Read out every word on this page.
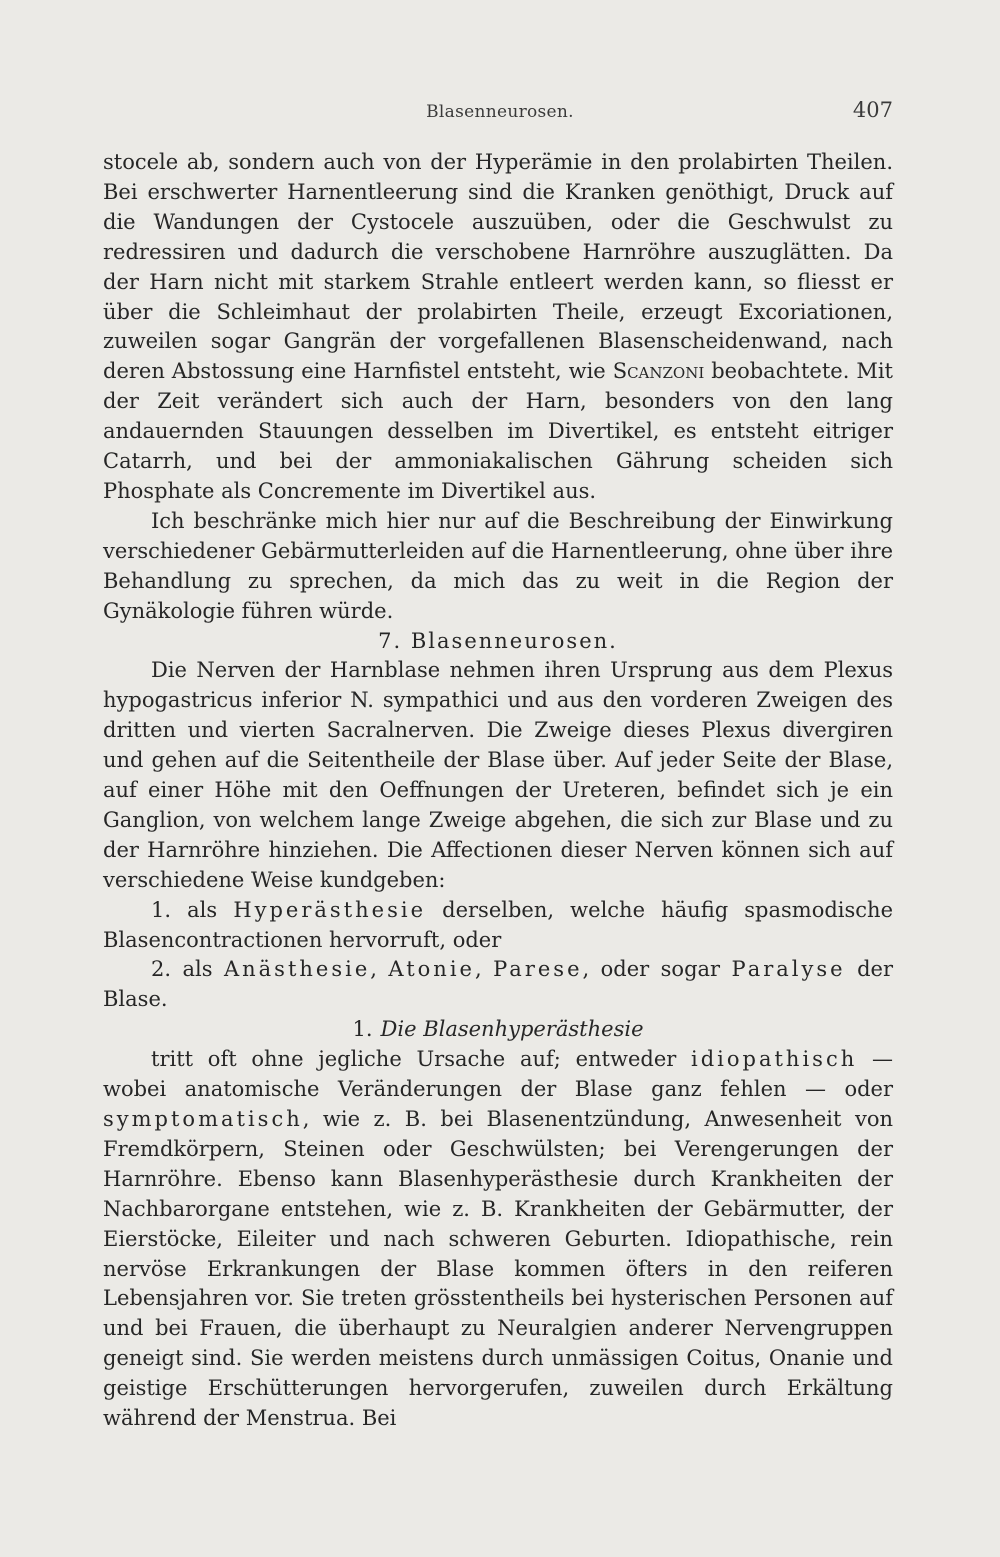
Blasenneurosen.	407

stocele ab, sondern auch von der Hyperämie in den prolabirten Theilen. Bei erschwerter Harnentleerung sind die Kranken genöthigt, Druck auf die Wandungen der Cystocele auszuüben, oder die Geschwulst zu redressiren und dadurch die verschobene Harnröhre auszuglätten. Da der Harn nicht mit starkem Strahle entleert werden kann, so fliesst er über die Schleimhaut der prolabirten Theile, erzeugt Excoriationen, zuweilen sogar Gangrän der vorgefallenen Blasenscheidenwand, nach deren Abstossung eine Harnfistel entsteht, wie Scanzoni beobachtete. Mit der Zeit verändert sich auch der Harn, besonders von den lang andauernden Stauungen desselben im Divertikel, es entsteht eitriger Catarrh, und bei der ammoniakalischen Gährung scheiden sich Phosphate als Concremente im Divertikel aus.

Ich beschränke mich hier nur auf die Beschreibung der Einwirkung verschiedener Gebärmutterleiden auf die Harnentleerung, ohne über ihre Behandlung zu sprechen, da mich das zu weit in die Region der Gynäkologie führen würde.

7. Blasenneurosen.

Die Nerven der Harnblase nehmen ihren Ursprung aus dem Plexus hypogastricus inferior N. sympathici und aus den vorderen Zweigen des dritten und vierten Sacralnerven. Die Zweige dieses Plexus divergiren und gehen auf die Seitentheile der Blase über. Auf jeder Seite der Blase, auf einer Höhe mit den Oeffnungen der Ureteren, befindet sich je ein Ganglion, von welchem lange Zweige abgehen, die sich zur Blase und zu der Harnröhre hinziehen. Die Affectionen dieser Nerven können sich auf verschiedene Weise kundgeben:

1. als Hyperästhesie derselben, welche häufig spasmodische Blasencontractionen hervorruft, oder

2. als Anästhesie, Atonie, Parese, oder sogar Paralyse der Blase.

1. Die Blasenhyperästhesie

tritt oft ohne jegliche Ursache auf; entweder idiopathisch — wobei anatomische Veränderungen der Blase ganz fehlen — oder symptomatisch, wie z. B. bei Blasenentzündung, Anwesenheit von Fremdkörpern, Steinen oder Geschwülsten; bei Verengerungen der Harnröhre. Ebenso kann Blasenhyperästhesie durch Krankheiten der Nachbarorgane entstehen, wie z. B. Krankheiten der Gebärmutter, der Eierstöcke, Eileiter und nach schweren Geburten. Idiopathische, rein nervöse Erkrankungen der Blase kommen öfters in den reiferen Lebensjahren vor. Sie treten grösstentheils bei hysterischen Personen auf und bei Frauen, die überhaupt zu Neuralgien anderer Nervengruppen geneigt sind. Sie werden meistens durch unmässigen Coitus, Onanie und geistige Erschütterungen hervorgerufen, zuweilen durch Erkältung während der Menstrua. Bei
